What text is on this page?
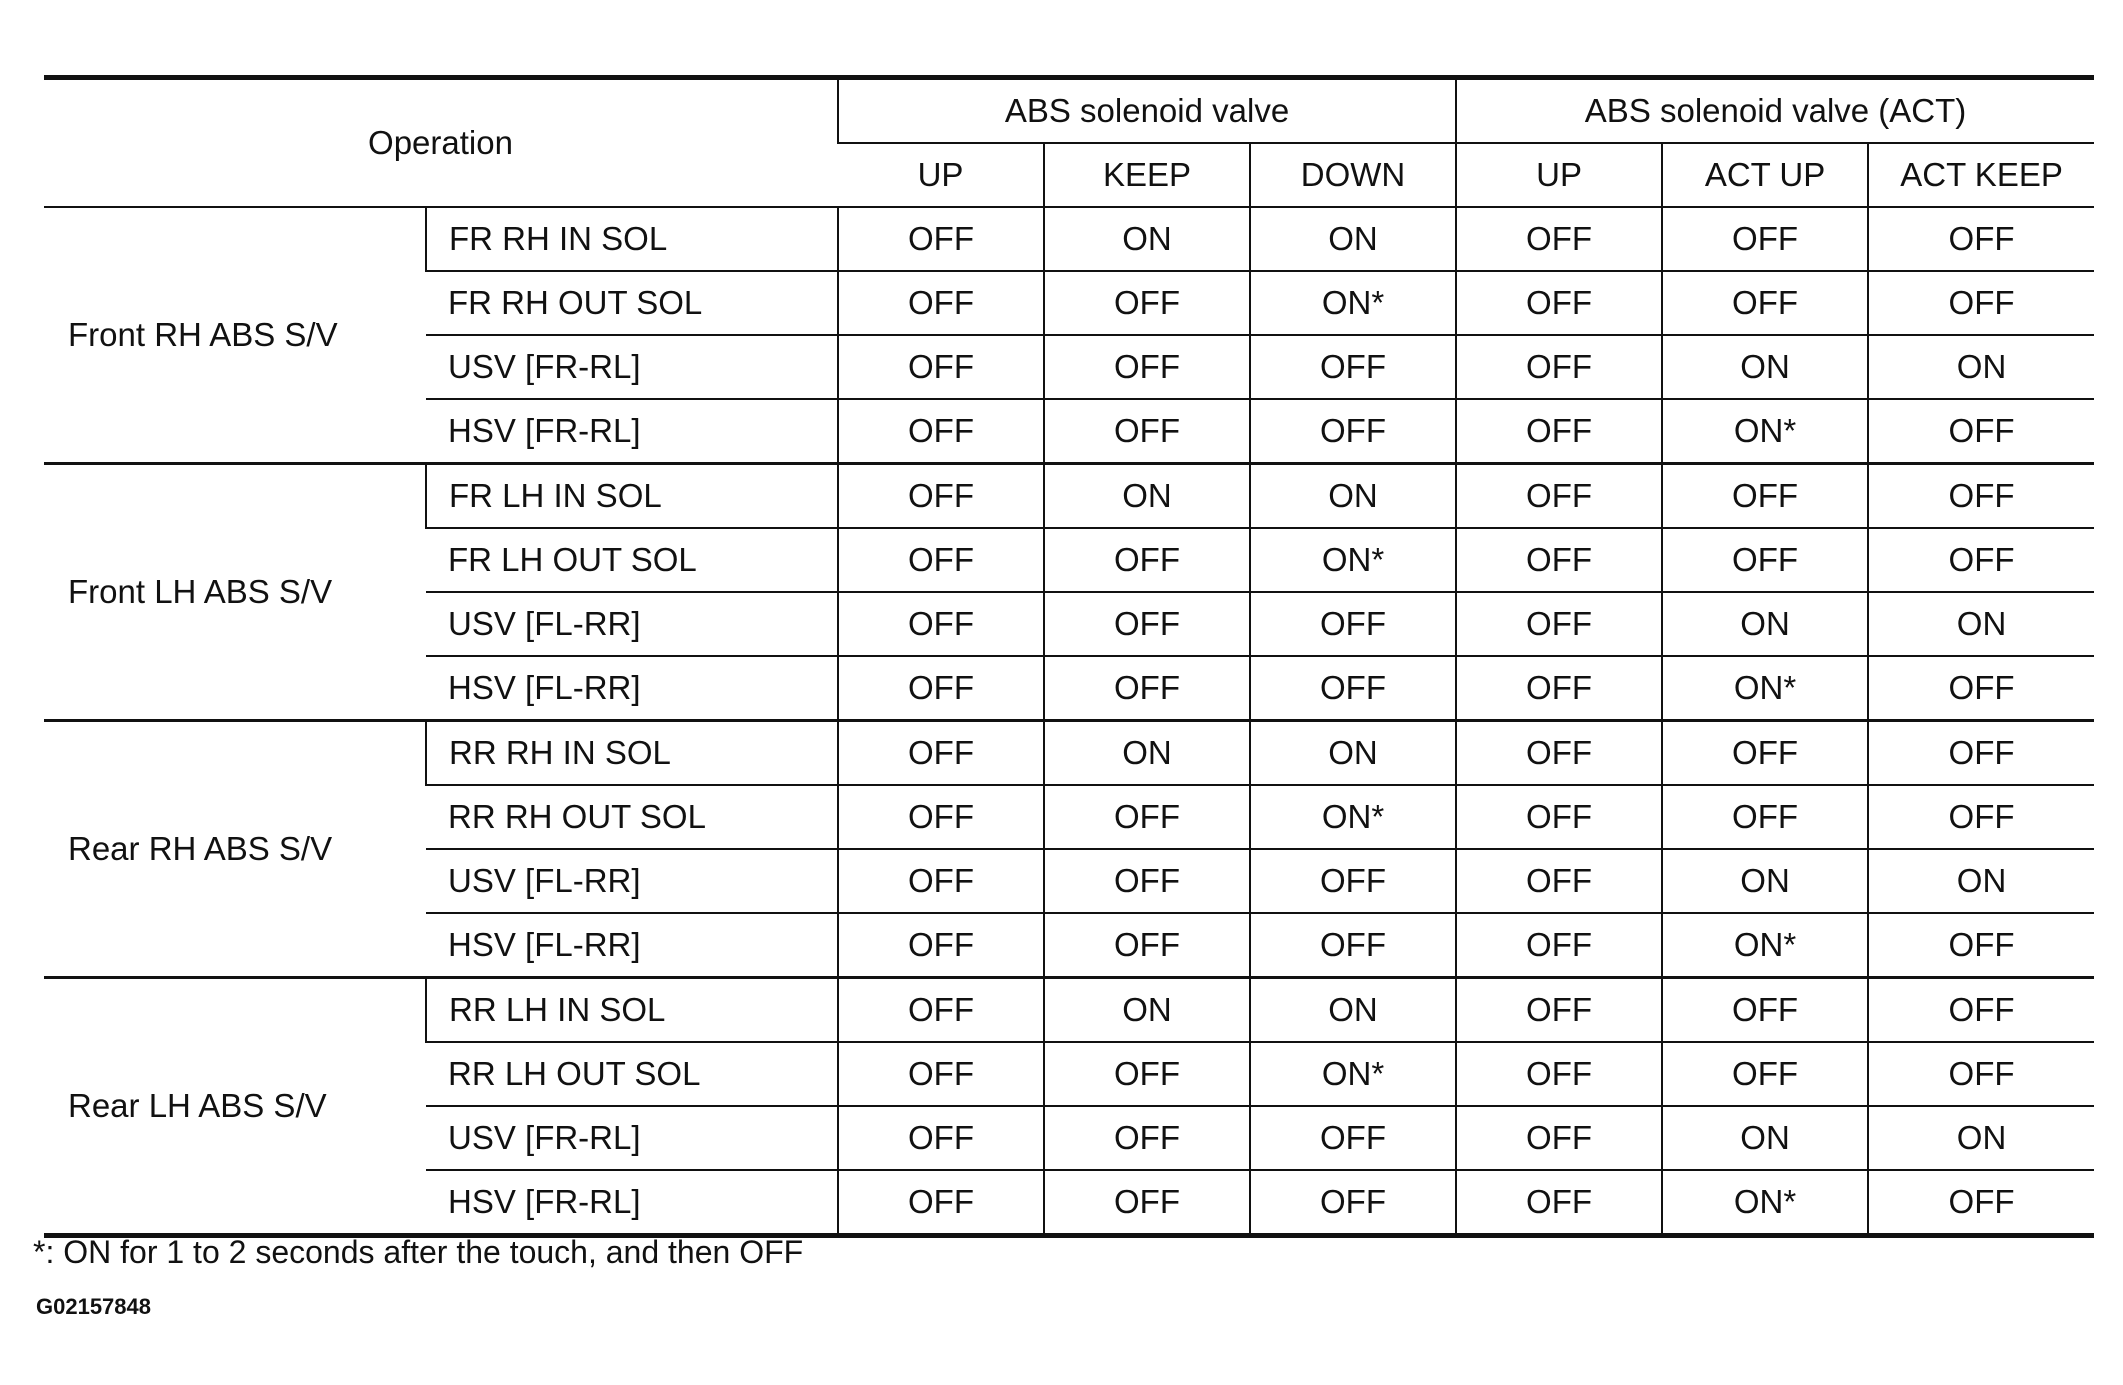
Operation		ABS solenoid valve			ABS solenoid valve (ACT)		
		UP	KEEP	DOWN	UP	ACT UP	ACT KEEP
Front RH ABS S/V	FR RH IN SOL	OFF	ON	ON	OFF	OFF	OFF
	FR RH OUT SOL	OFF	OFF	ON*	OFF	OFF	OFF
	USV [FR-RL]	OFF	OFF	OFF	OFF	ON	ON
	HSV [FR-RL]	OFF	OFF	OFF	OFF	ON*	OFF
Front LH ABS S/V	FR LH IN SOL	OFF	ON	ON	OFF	OFF	OFF
	FR LH OUT SOL	OFF	OFF	ON*	OFF	OFF	OFF
	USV [FL-RR]	OFF	OFF	OFF	OFF	ON	ON
	HSV [FL-RR]	OFF	OFF	OFF	OFF	ON*	OFF
Rear RH ABS S/V	RR RH IN SOL	OFF	ON	ON	OFF	OFF	OFF
	RR RH OUT SOL	OFF	OFF	ON*	OFF	OFF	OFF
	USV [FL-RR]	OFF	OFF	OFF	OFF	ON	ON
	HSV [FL-RR]	OFF	OFF	OFF	OFF	ON*	OFF
Rear LH ABS S/V	RR LH IN SOL	OFF	ON	ON	OFF	OFF	OFF
	RR LH OUT SOL	OFF	OFF	ON*	OFF	OFF	OFF
	USV [FR-RL]	OFF	OFF	OFF	OFF	ON	ON
	HSV [FR-RL]	OFF	OFF	OFF	OFF	ON*	OFF
*: ON for 1 to 2 seconds after the touch, and then OFF
G02157848
